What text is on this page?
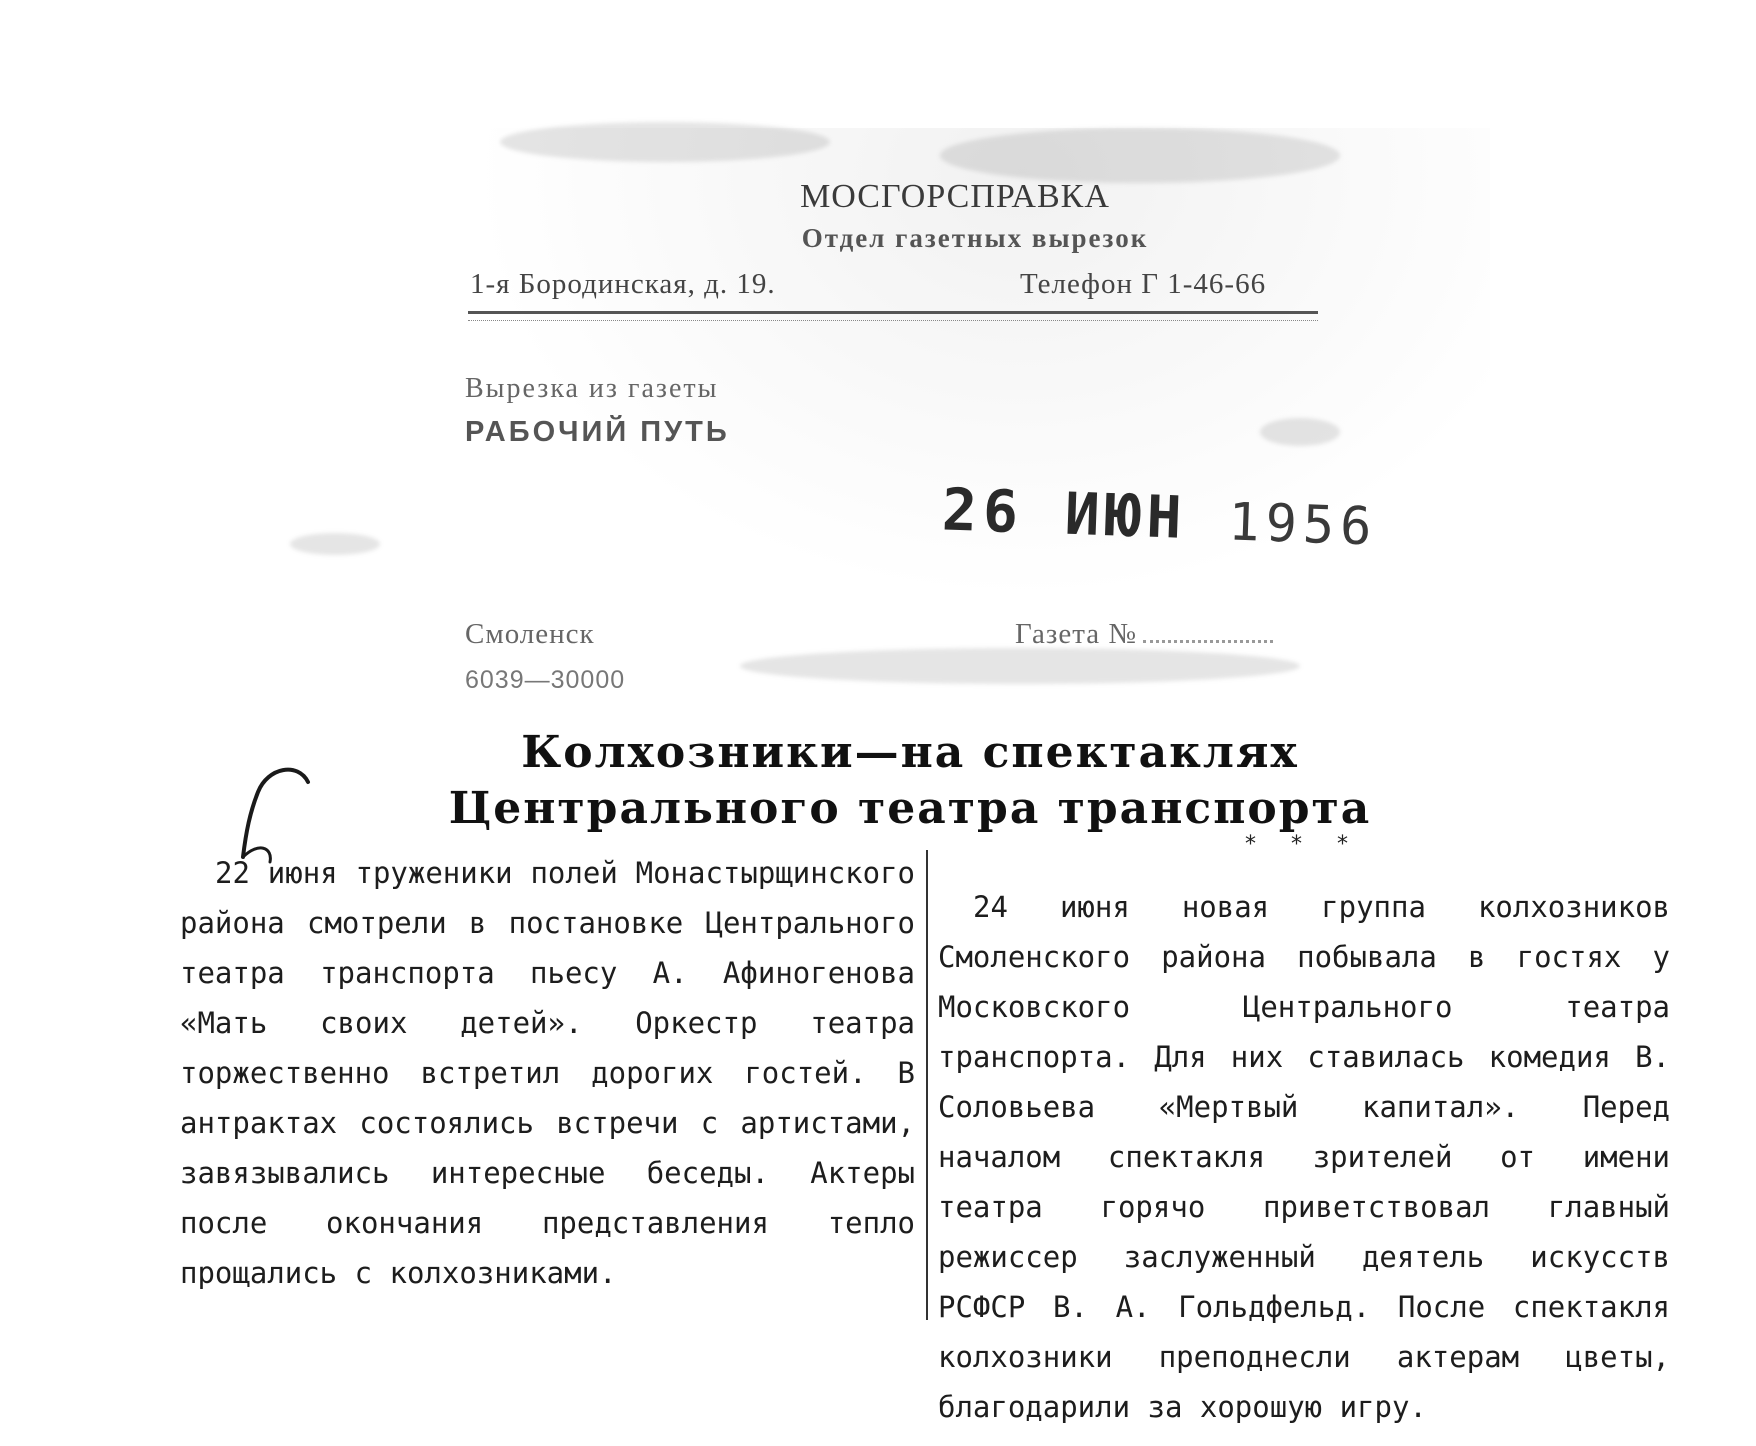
МОСГОРСПРАВКА
Отдел газетных вырезок
1-я Бородинская, д. 19.	Телефон Г 1-46-66
Вырезка из газеты
РАБОЧИЙ ПУТЬ
26 ИЮН 1956
Смоленск	Газета №
6039—30000
Колхозники—на спектаклях
Центрального театра транспорта
* * *
22 июня труженики полей Монастырщинского района смотрели в постановке Центрального театра транспорта пьесу А. Афиногенова «Мать своих детей». Оркестр театра торжественно встретил дорогих гостей. В антрактах состоялись встречи с артистами, завязывались интересные беседы. Актеры после окончания представления тепло прощались с колхозниками.
24 июня новая группа колхозников Смоленского района побывала в гостях у Московского Центрального театра транспорта. Для них ставилась комедия В. Соловьева «Мертвый капитал». Перед началом спектакля зрителей от имени театра горячо приветствовал главный режиссер заслуженный деятель искусств РСФСР В. А. Гольдфельд. После спектакля колхозники преподнесли актерам цветы, благодарили за хорошую игру.
